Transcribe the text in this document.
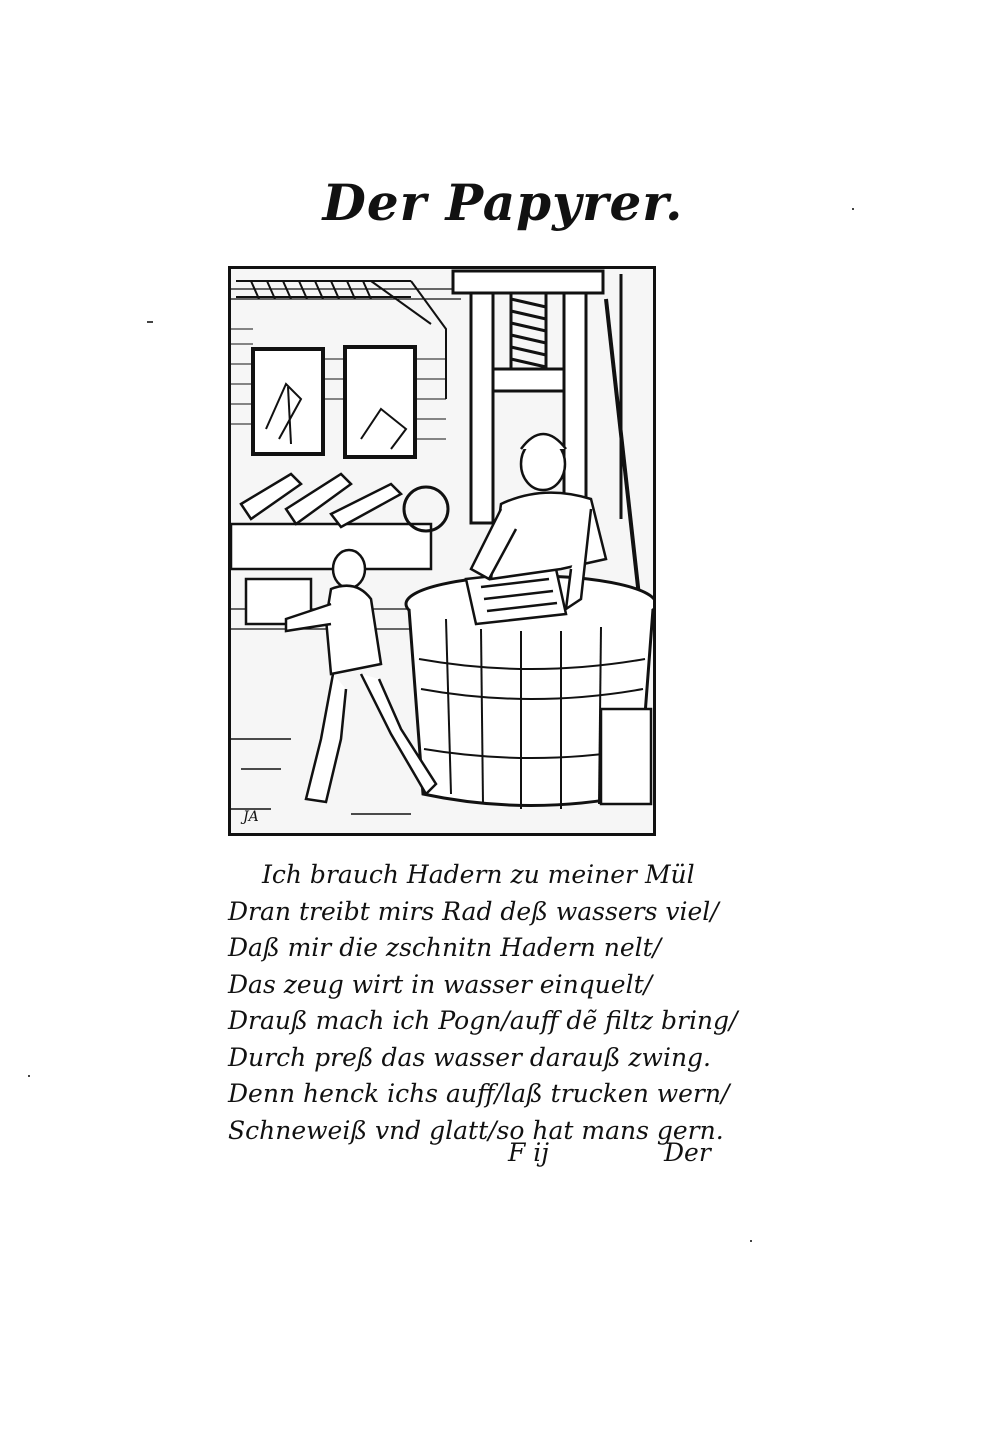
Der Papyrer.
JA
Ich brauch Hadern zu meiner Mül
Dran treibt mirs Rad deß wassers viel/
Daß mir die zschnitn Hadern nelt/
Das zeug wirt in wasser einquelt/
Drauß mach ich Pogn/auff dẽ filtz bring/
Durch preß das wasser darauß zwing.
Denn henck ichs auff/laß trucken wern/
Schneweiß vnd glatt/so hat mans gern.
F ij	Der
